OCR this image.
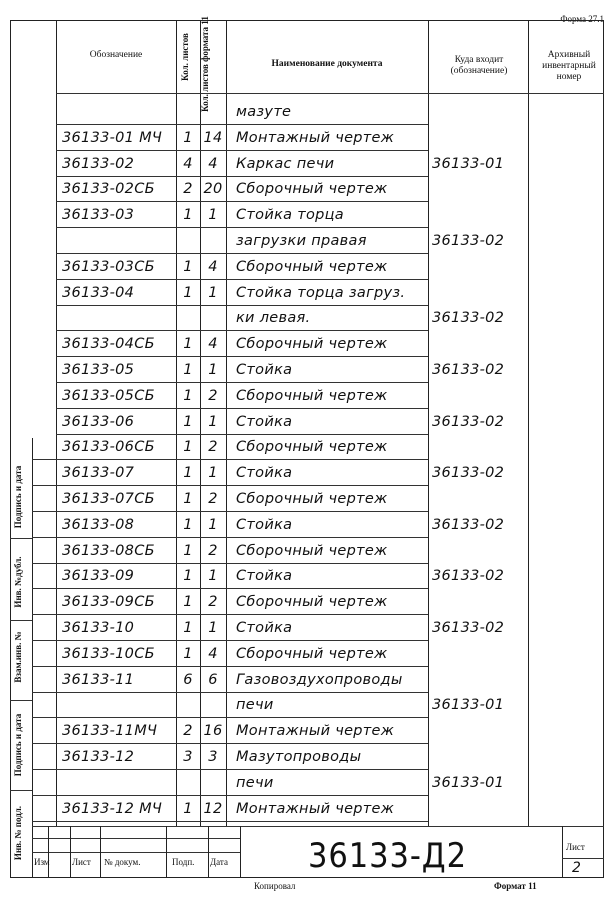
Форма 27.1
Обозначение	Кол. листов	Кол. листов формата 11	Наименование документа	Куда входит (обозначение)
Архивный инвентарный номер
мазуте
36133-01 МЧ	1 14 Монтажный чертеж
36133-02	4	4	Каркас печи	36133-01
36133-02СБ	2 20 Сборочный чертеж
36133-03	1	1	Стойка торца
загрузки правая	36133-02
36133-03СБ	1	4	Сборочный чертеж
36133-04	1	1	Стойка торца загруз.
ки левая.	36133-02
36133-04СБ	1	4	Сборочный чертеж
36133-05	1	1	Стойка	36133-02
36133-05СБ	1	2	Сборочный чертеж
36133-06	1	1	Стойка	36133-02
36133-06СБ	1	2	Сборочный чертеж
36133-07	1	1	Стойка	36133-02
36133-07СБ	1	2	Сборочный чертеж
36133-08	1	1	Стойка	36133-02
36133-08СБ	1	2	Сборочный чертеж
36133-09	1	1	Стойка	36133-02
36133-09СБ	1	2	Сборочный чертеж
36133-10	1	1	Стойка	36133-02
36133-10СБ	1	4	Сборочный чертеж
36133-11	6	6	Газовоздухопроводы
печи	36133-01
36133-11МЧ	2 16 Монтажный чертеж
36133-12	3	3	Мазутопроводы
печи	36133-01
36133-12 МЧ	1 12 Монтажный чертеж
Подпись и дата
Инв. №дубл.
Взам.инв. №
Подпись и дата
Инв. № подл.
Изм Лист № докум.	Подп. Дата 36133-Д2	Лист
2
Копировал	Формат 11
